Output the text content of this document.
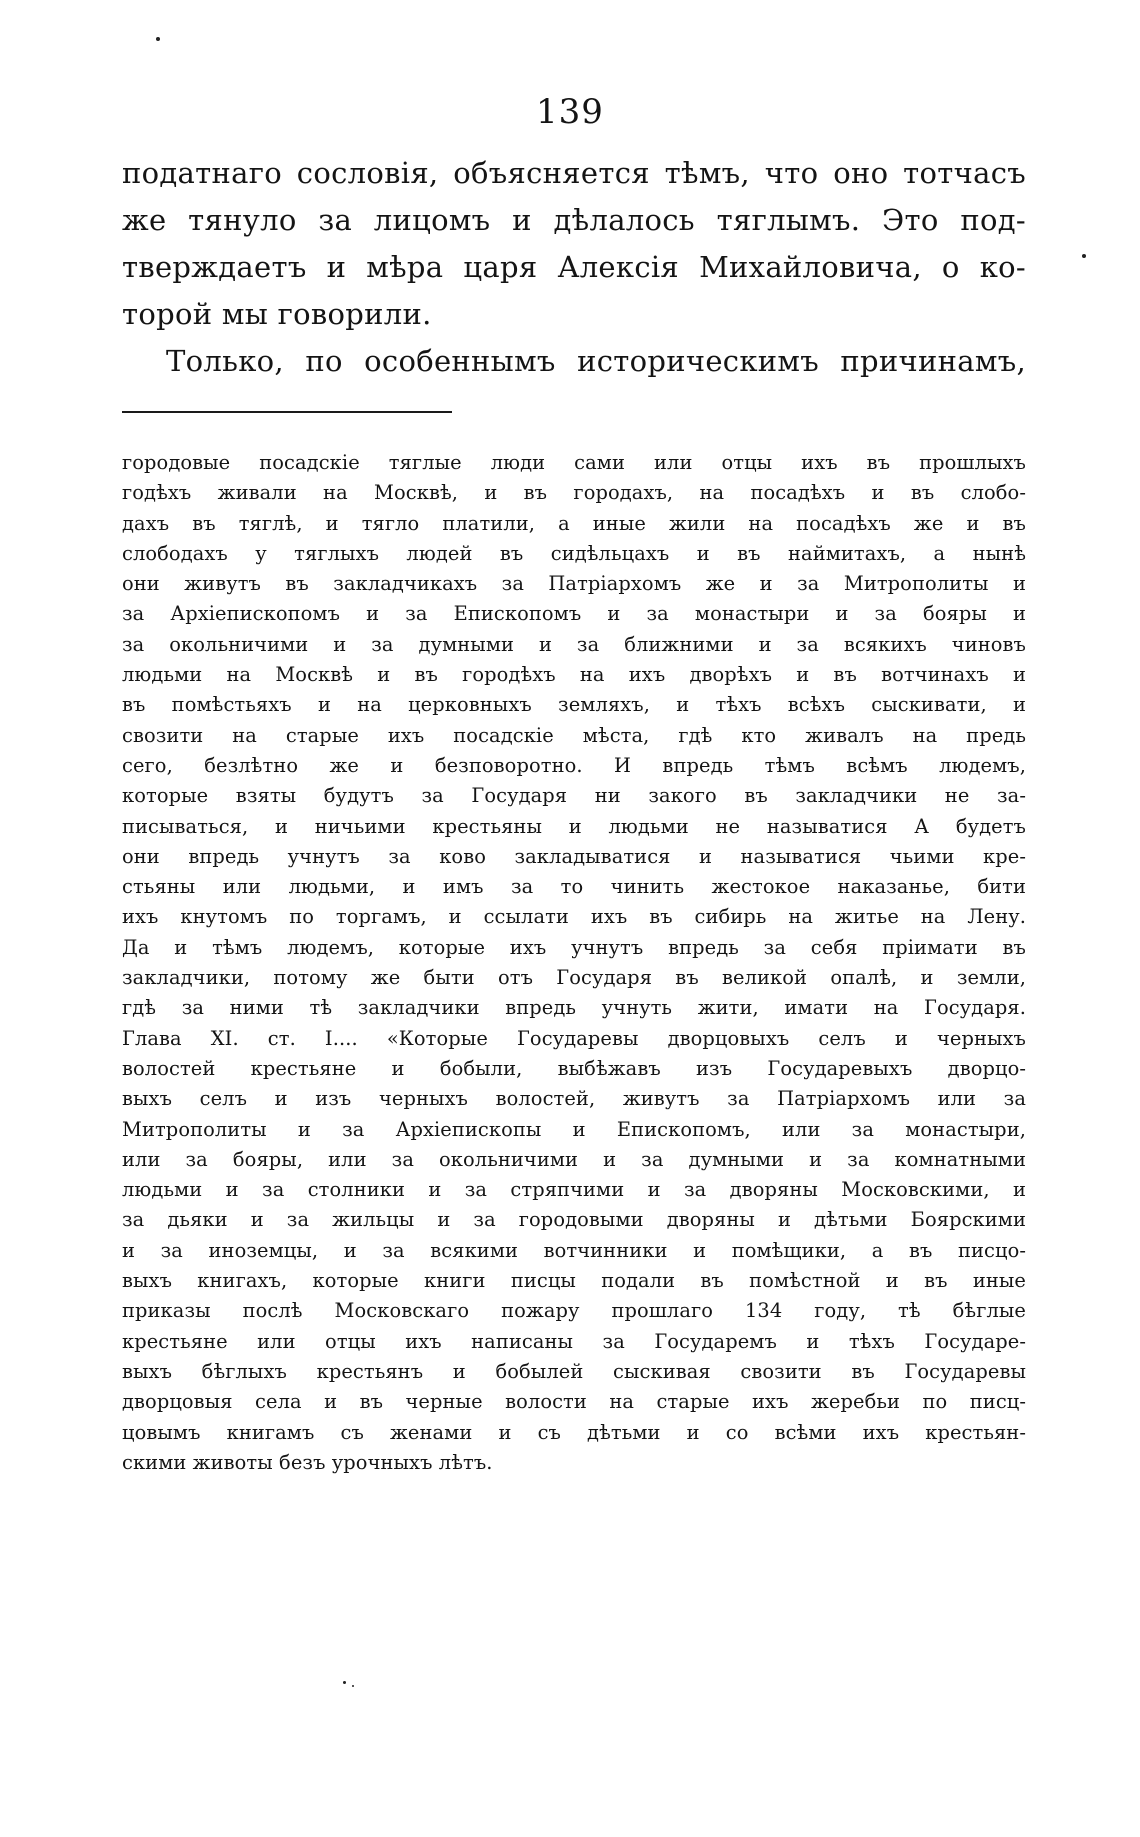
139
податнаго сословія, объясняется тѣмъ, что оно тотчасъ
же тянуло за лицомъ и дѣлалось тяглымъ. Это под-
тверждаетъ и мѣра царя Алексія Михайловича, о ко-
торой мы говорили.
Только, по особеннымъ историческимъ причинамъ,
городовые посадскіе тяглые люди сами или отцы ихъ въ прошлыхъ
годѣхъ живали на Москвѣ, и въ городахъ, на посадѣхъ и въ слобо-
дахъ въ тяглѣ, и тягло платили, а иные жили на посадѣхъ же и въ
слободахъ у тяглыхъ людей въ сидѣльцахъ и въ наймитахъ, а нынѣ
они живутъ въ закладчикахъ за Патріархомъ же и за Митрополиты и
за Архіепископомъ и за Епископомъ и за монастыри и за бояры и
за окольничими и за думными и за ближними и за всякихъ чиновъ
людьми на Москвѣ и въ городѣхъ на ихъ дворѣхъ и въ вотчинахъ и
въ помѣстьяхъ и на церковныхъ земляхъ, и тѣхъ всѣхъ сыскивати, и
свозити на старые ихъ посадскіе мѣста, гдѣ кто живалъ на предь
сего, безлѣтно же и безповоротно. И впредь тѣмъ всѣмъ людемъ,
которые взяты будутъ за Государя ни закого въ закладчики не за-
писываться, и ничьими крестьяны и людьми не называтися А будетъ
они впредь учнутъ за ково закладыватися и называтися чьими кре-
стьяны или людьми, и имъ за то чинить жестокое наказанье, бити
ихъ кнутомъ по торгамъ, и ссылати ихъ въ сибирь на житье на Лену.
Да и тѣмъ людемъ, которые ихъ учнутъ впредь за себя пріимати въ
закладчики, потому же быти отъ Государя въ великой опалѣ, и земли,
гдѣ за ними тѣ закладчики впредь учнуть жити, имати на Государя.
Глава XI. ст. I.... «Которые Государевы дворцовыхъ селъ и черныхъ
волостей крестьяне и бобыли, выбѣжавъ изъ Государевыхъ дворцо-
выхъ селъ и изъ черныхъ волостей, живутъ за Патріархомъ или за
Митрополиты и за Архіепископы и Епископомъ, или за монастыри,
или за бояры, или за окольничими и за думными и за комнатными
людьми и за столники и за стряпчими и за дворяны Московскими, и
за дьяки и за жильцы и за городовыми дворяны и дѣтьми Боярскими
и за иноземцы, и за всякими вотчинники и помѣщики, а въ писцо-
выхъ книгахъ, которые книги писцы подали въ помѣстной и въ иные
приказы послѣ Московскаго пожару прошлаго 134 году, тѣ бѣглые
крестьяне или отцы ихъ написаны за Государемъ и тѣхъ Государе-
выхъ бѣглыхъ крестьянъ и бобылей сыскивая свозити въ Государевы
дворцовыя села и въ черные волости на старые ихъ жеребьи по писц-
цовымъ книгамъ съ женами и съ дѣтьми и со всѣми ихъ крестьян-
скими животы безъ урочныхъ лѣтъ.
